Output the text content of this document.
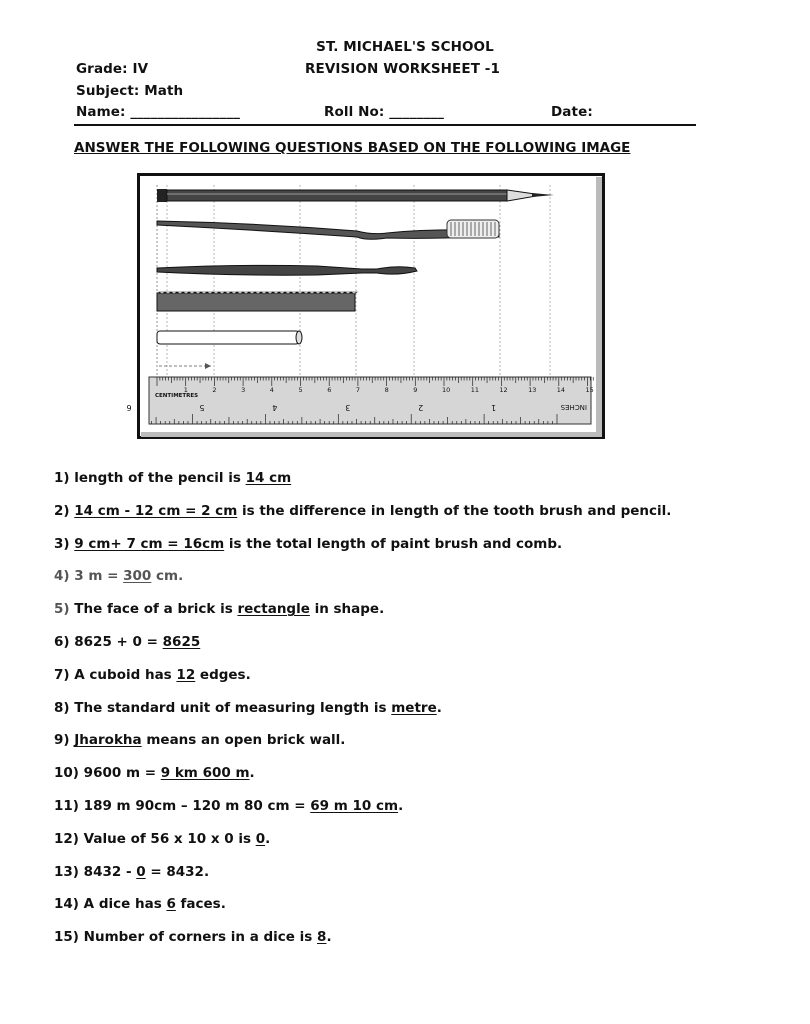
ST. MICHAEL'S SCHOOL
REVISION WORKSHEET -1
Grade: IV
Subject: Math
Name: ________________	Roll No: ________	Date:
ANSWER THE FOLLOWING QUESTIONS BASED ON THE FOLLOWING IMAGE
1	2	3	4	5	6	7	8	9	10	11	12	13	14	15
6	5	4	3	2	1	INCHES
CENTIMETRES
1) length of the pencil is 14 cm
2) 14 cm - 12 cm = 2 cm is the difference in length of the tooth brush and pencil.
3) 9 cm+ 7 cm = 16cm is the total length of paint brush and comb.
4) 3 m = 300 cm.
5) The face of a brick is rectangle in shape.
6) 8625 + 0 = 8625
7) A cuboid has 12 edges.
8) The standard unit of measuring length is metre.
9) Jharokha means an open brick wall.
10) 9600 m = 9 km 600 m.
11) 189 m 90cm – 120 m 80 cm = 69 m 10 cm.
12) Value of 56 x 10 x 0 is 0.
13) 8432 - 0 = 8432.
14) A dice has 6 faces.
15) Number of corners in a dice is 8.
